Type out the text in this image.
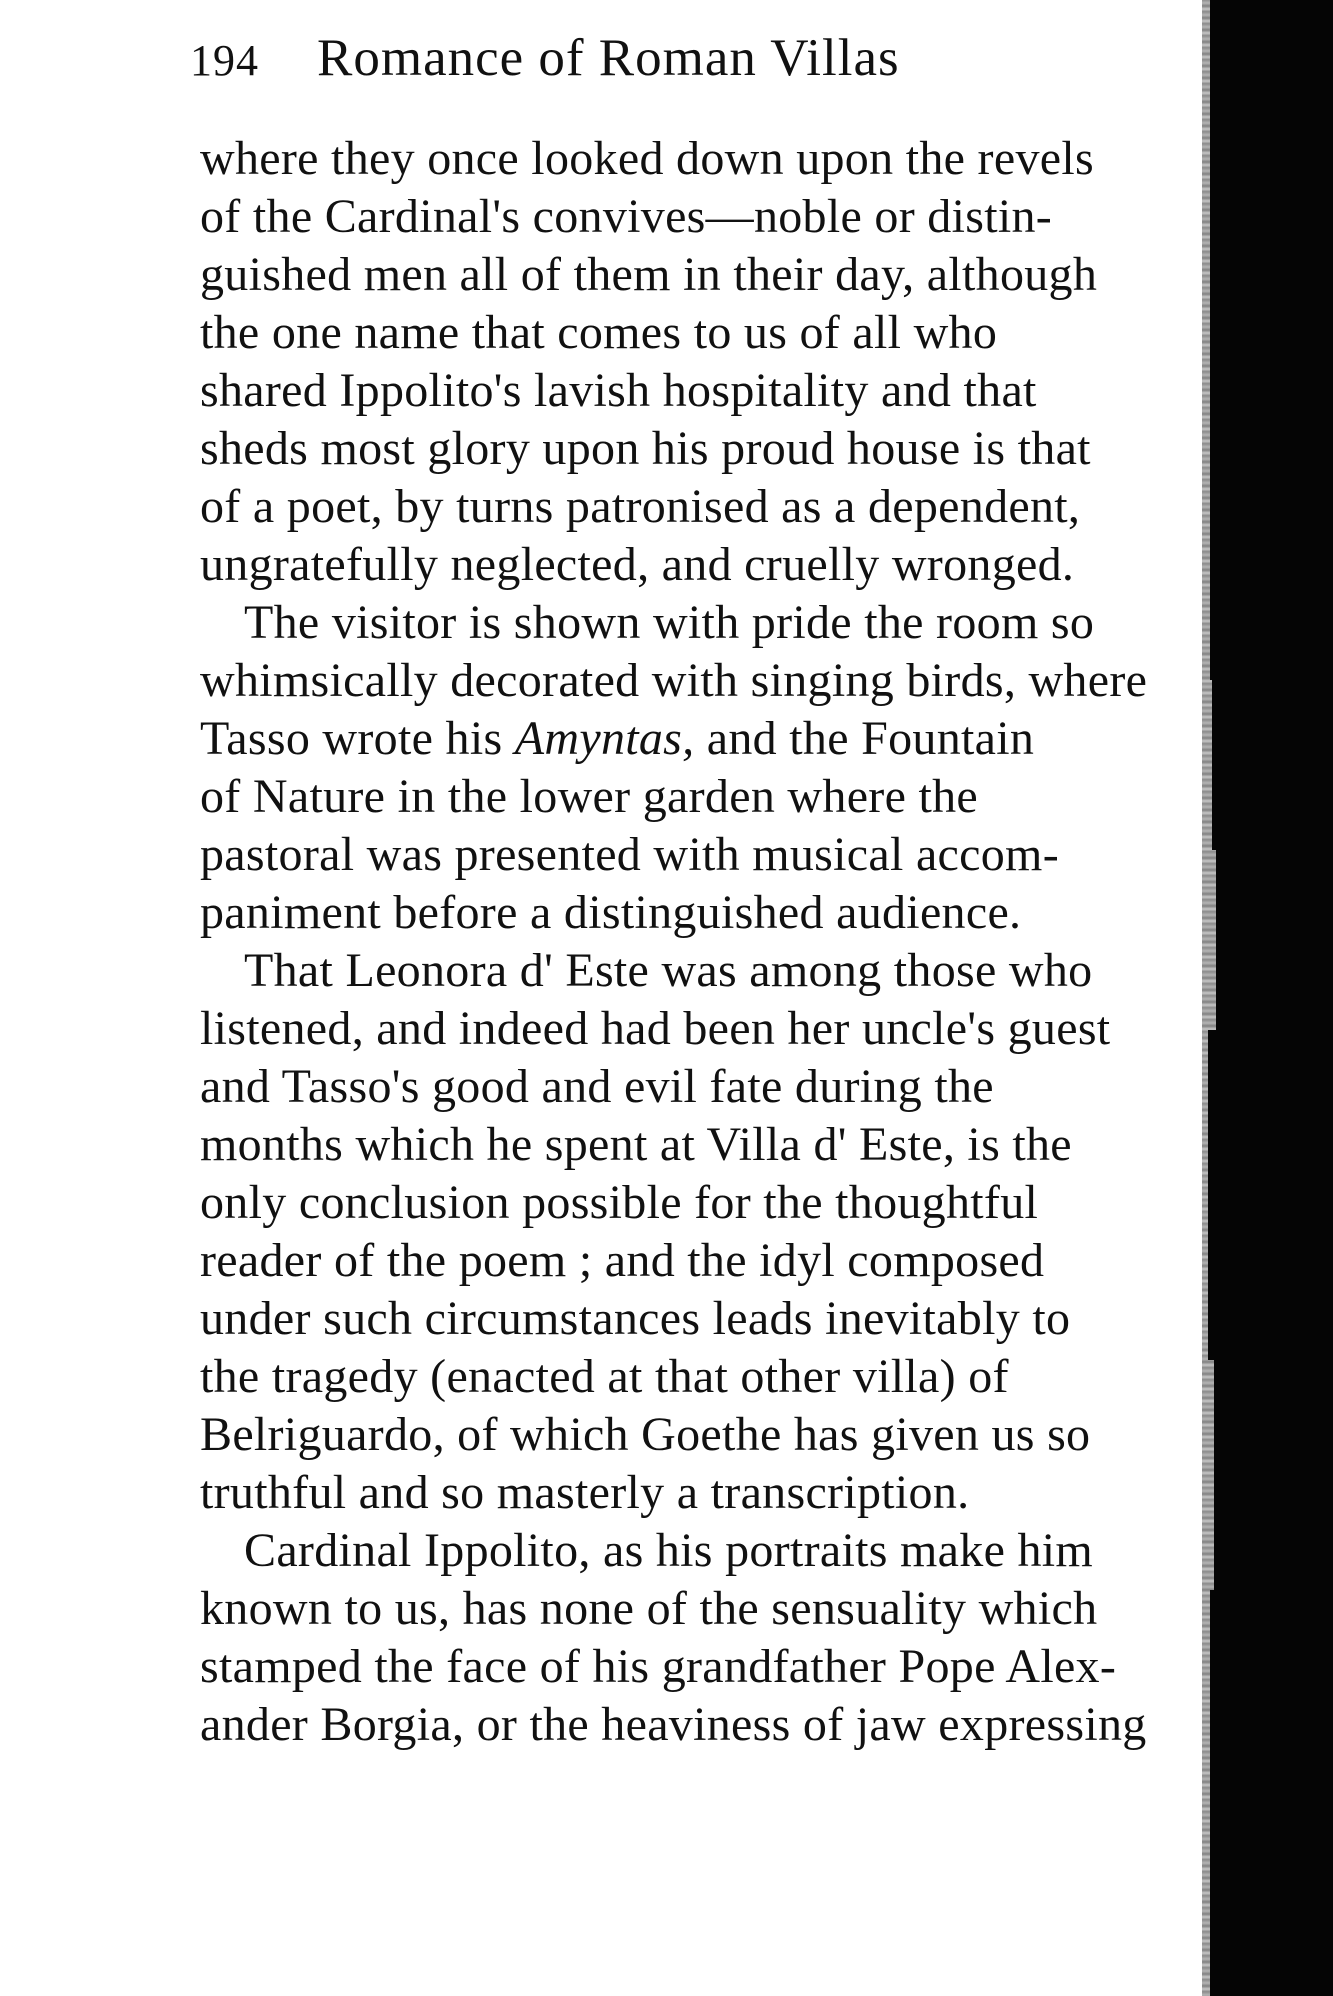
194 Romance of Roman Villas
where they once looked down upon the revels
of the Cardinal's convives—noble or distin-
guished men all of them in their day, although
the one name that comes to us of all who
shared Ippolito's lavish hospitality and that
sheds most glory upon his proud house is that
of a poet, by turns patronised as a dependent,
ungratefully neglected, and cruelly wronged.
The visitor is shown with pride the room so
whimsically decorated with singing birds, where
Tasso wrote his Amyntas, and the Fountain
of Nature in the lower garden where the
pastoral was presented with musical accom-
paniment before a distinguished audience.
That Leonora d' Este was among those who
listened, and indeed had been her uncle's guest
and Tasso's good and evil fate during the
months which he spent at Villa d' Este, is the
only conclusion possible for the thoughtful
reader of the poem ; and the idyl composed
under such circumstances leads inevitably to
the tragedy (enacted at that other villa) of
Belriguardo, of which Goethe has given us so
truthful and so masterly a transcription.
Cardinal Ippolito, as his portraits make him
known to us, has none of the sensuality which
stamped the face of his grandfather Pope Alex-
ander Borgia, or the heaviness of jaw expressing
